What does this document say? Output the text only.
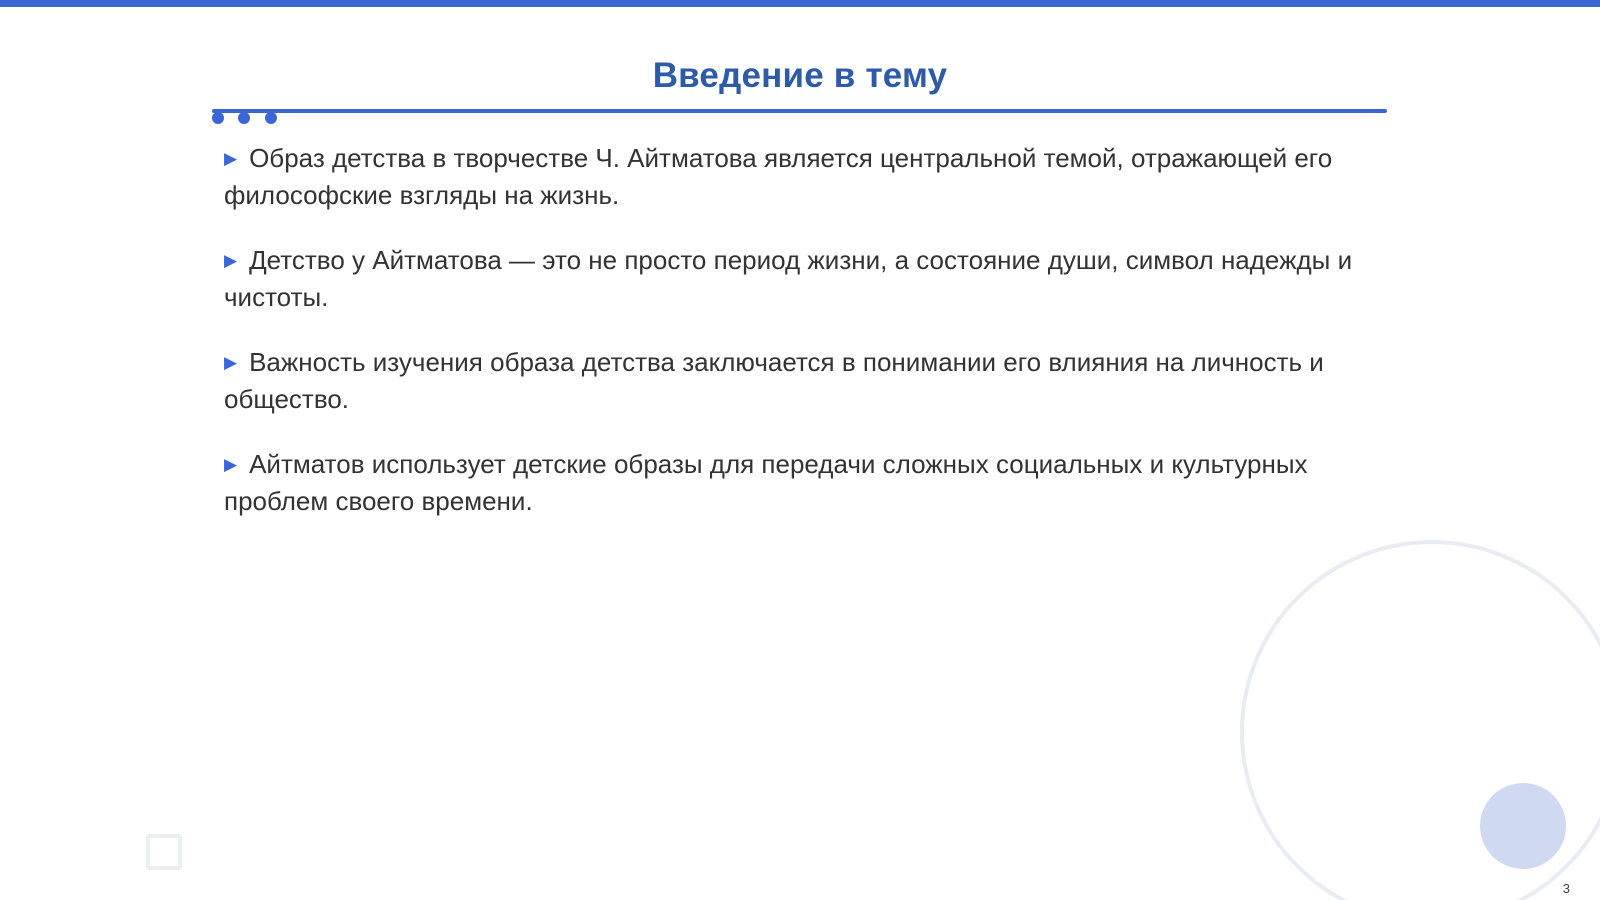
Введение в тему
▶ Образ детства в творчестве Ч. Айтматова является центральной темой, отражающей его философские взгляды на жизнь.
▶ Детство у Айтматова — это не просто период жизни, а состояние души, символ надежды и чистоты.
▶ Важность изучения образа детства заключается в понимании его влияния на личность и общество.
▶ Айтматов использует детские образы для передачи сложных социальных и культурных проблем своего времени.
3
